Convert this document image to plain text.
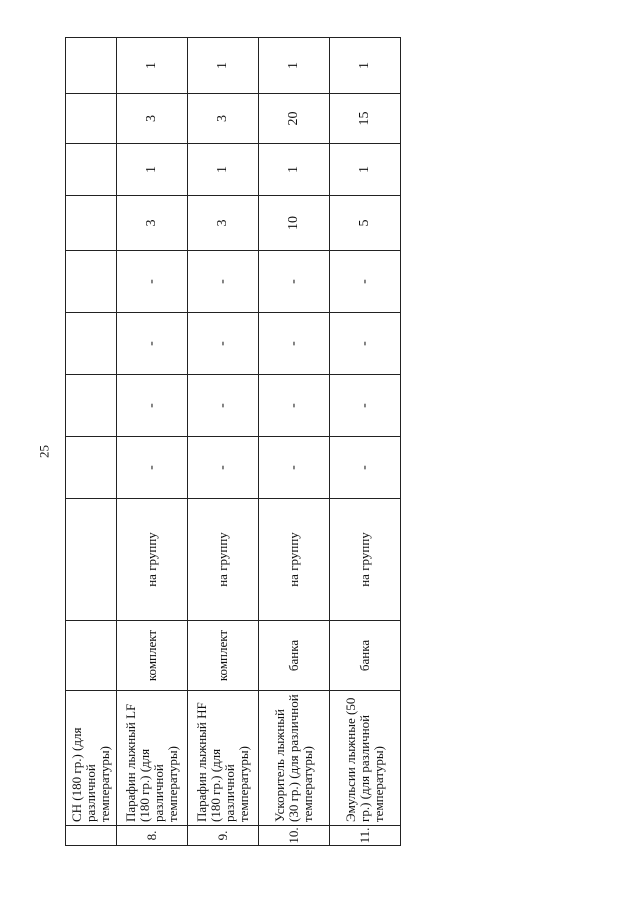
25
	СН (180 гр.) (для различной температуры)										
8.	Парафин лыжный LF (180 гр.) (для различной температуры)	комплект	на группу	-	-	-	-	3	1	3	1
9.	Парафин лыжный HF (180 гр.) (для различной температуры)	комплект	на группу	-	-	-	-	3	1	3	1
10.	Ускоритель лыжный (30 гр.) (для различной температуры)	банка	на группу	-	-	-	-	10	1	20	1
11.	Эмульсии лыжные (50 гр.) (для различной температуры)	банка	на группу	-	-	-	-	5	1	15	1
